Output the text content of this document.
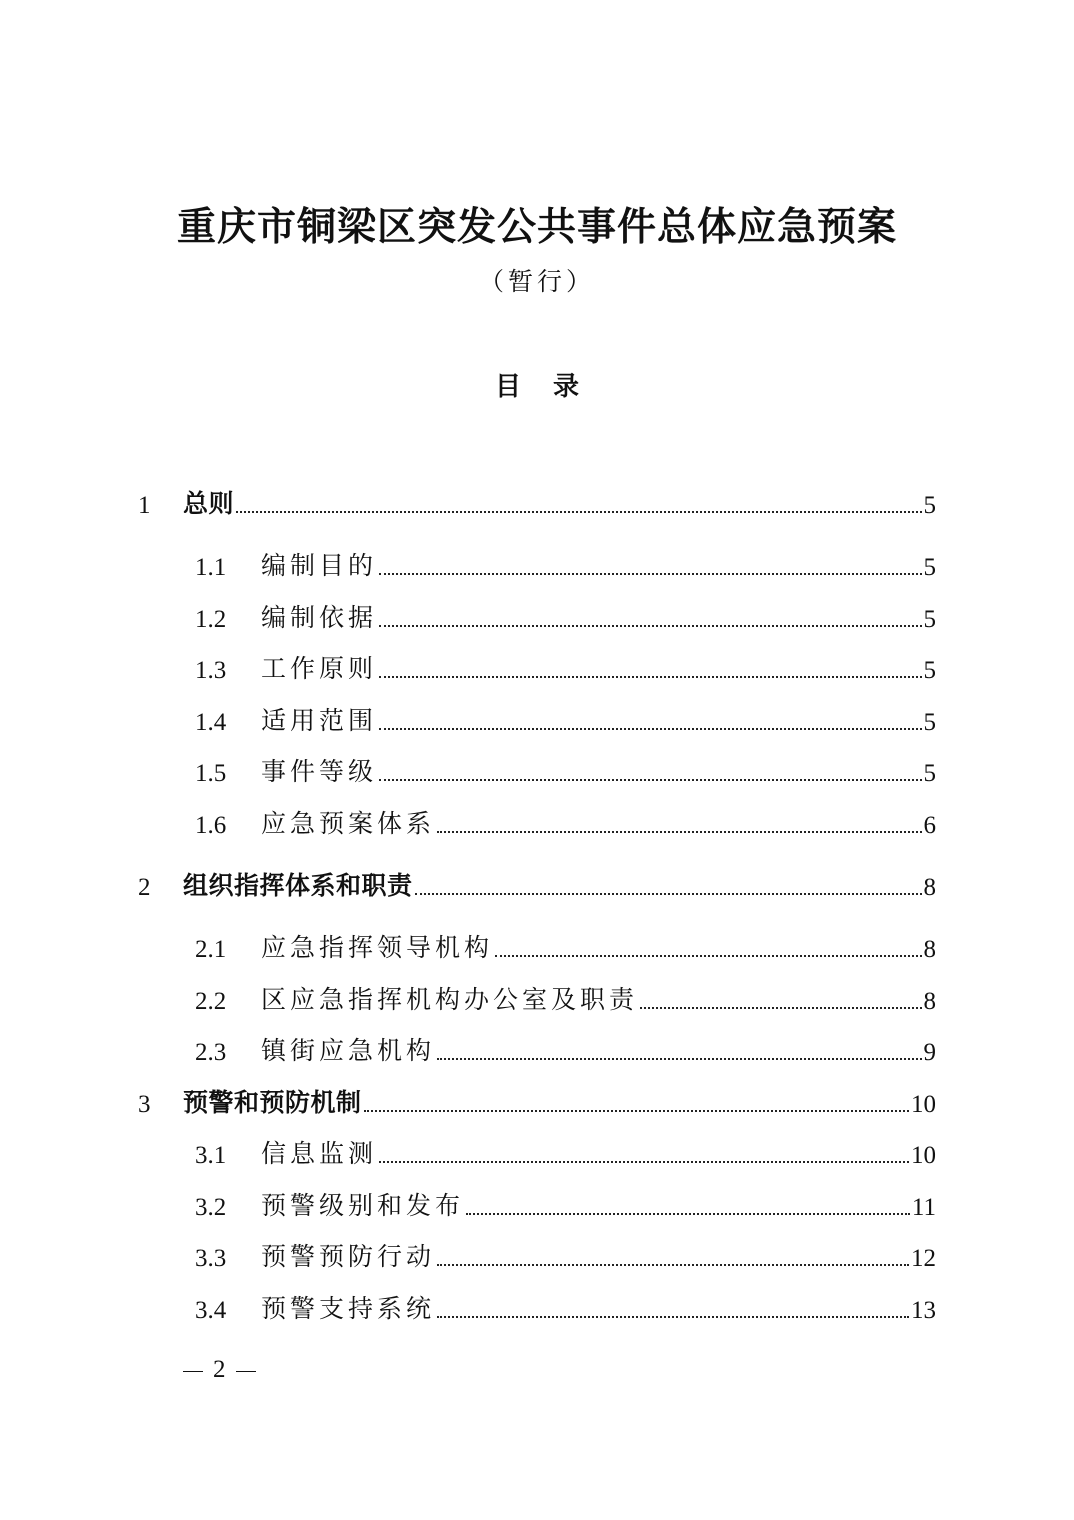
重庆市铜梁区突发公共事件总体应急预案
（暂行）
目 录
1	总则	5
1.1	编制目的	5
1.2	编制依据	5
1.3	工作原则	5
1.4	适用范围	5
1.5	事件等级	5
1.6	应急预案体系	6
2	组织指挥体系和职责	8
2.1	应急指挥领导机构	8
2.2	区应急指挥机构办公室及职责	8
2.3	镇街应急机构	9
3	预警和预防机制	10
3.1	信息监测	10
3.2	预警级别和发布	11
3.3	预警预防行动	12
3.4	预警支持系统	13
2
